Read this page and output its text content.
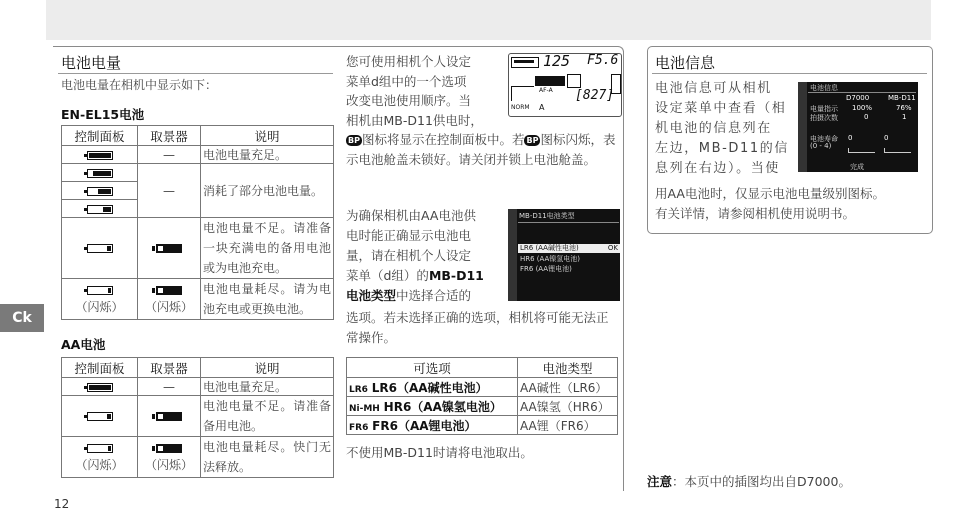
Ck
12
电池电量
电池电量在相机中显示如下：
EN-EL15电池
控制面板	取景器	说明

	—	电池电量充足。

	—	消耗了部分电池电量。

		电池电量不足。请准备一块充满电的备用电池或为电池充电。

（闪烁）	（闪烁）	电池电量耗尽。请为电池充电或更换电池。
AA电池
控制面板	取景器	说明

	—	电池电量充足。

		电池电量不足。请准备备用电池。

（闪烁）	（闪烁）	电池电量耗尽。快门无法释放。
您可使用相机个人设定
菜单d组中的一个选项
改变电池使用顺序。当
相机由MB-D11供电时，
BP 图标将显示在控制面板中。若 BP 图标闪烁，表示电池舱盖未锁好。请关闭并锁上电池舱盖。
125 F5.6
AF-A [827]
NORM A
为确保相机由AA电池供
电时能正确显示电池电
量，请在相机个人设定
菜单（d组）的MB-D11
电池类型中选择合适的
选项。若未选择正确的选项，相机将可能无法正常操作。
MB-D11电池类型
LR6 (AA碱性电池)	OK
HR6 (AA镍氢电池)
FR6 (AA锂电池)
可选项	电池类型
LR6 LR6（AA碱性电池）	AA碱性（LR6）
Ni-MH HR6（AA镍氢电池）	AA镍氢（HR6）
FR6 FR6（AA锂电池）	AA锂（FR6）
不使用MB-D11时请将电池取出。
电池信息
电池信息可从相机
设定菜单中查看（相
机电池的信息列在
左边，MB-D11的信
息列在右边）。当使
用AA电池时，仅显示电池电量级别图标。
有关详情，请参阅相机使用说明书。
电池信息
D7000	MB-D11
电量指示 100%	76%
拍摄次数	0	1
电池寿命
(0 - 4)
0	0
完成
注意：本页中的插图均出自D7000。
